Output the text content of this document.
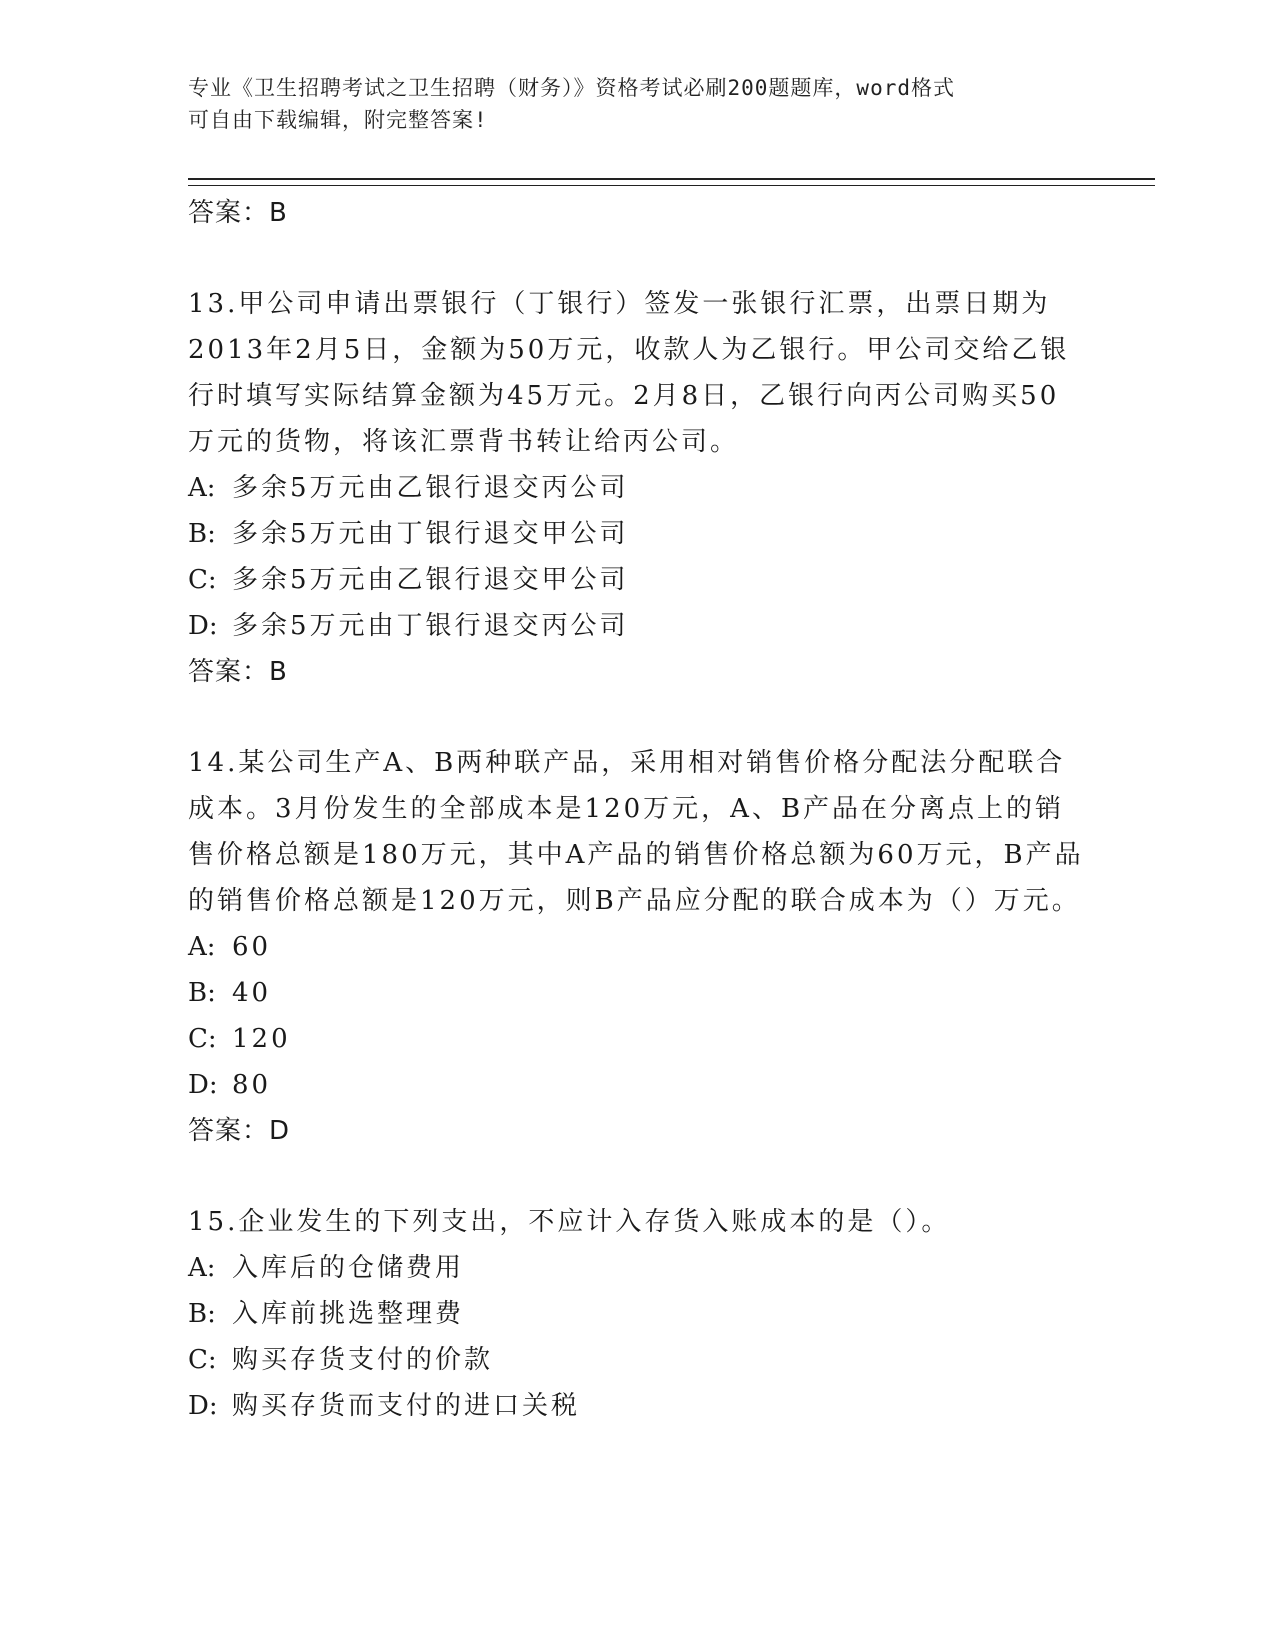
专业《卫生招聘考试之卫生招聘（财务）》资格考试必刷200题题库，word格式
可自由下载编辑，附完整答案!

答案：B

13.甲公司申请出票银行（丁银行）签发一张银行汇票，出票日期为2013年2月5日，金额为50万元，收款人为乙银行。甲公司交给乙银行时填写实际结算金额为45万元。2月8日，乙银行向丙公司购买50万元的货物，将该汇票背书转让给丙公司。

A: 多余5万元由乙银行退交丙公司

B: 多余5万元由丁银行退交甲公司

C: 多余5万元由乙银行退交甲公司

D: 多余5万元由丁银行退交丙公司

答案：B

14.某公司生产A、B两种联产品，采用相对销售价格分配法分配联合成本。3月份发生的全部成本是120万元，A、B产品在分离点上的销售价格总额是180万元，其中A产品的销售价格总额为60万元，B产品的销售价格总额是120万元，则B产品应分配的联合成本为（）万元。

A: 60

B: 40

C: 120

D: 80

答案：D

15.企业发生的下列支出，不应计入存货入账成本的是（）。

A: 入库后的仓储费用

B: 入库前挑选整理费

C: 购买存货支付的价款

D: 购买存货而支付的进口关税
